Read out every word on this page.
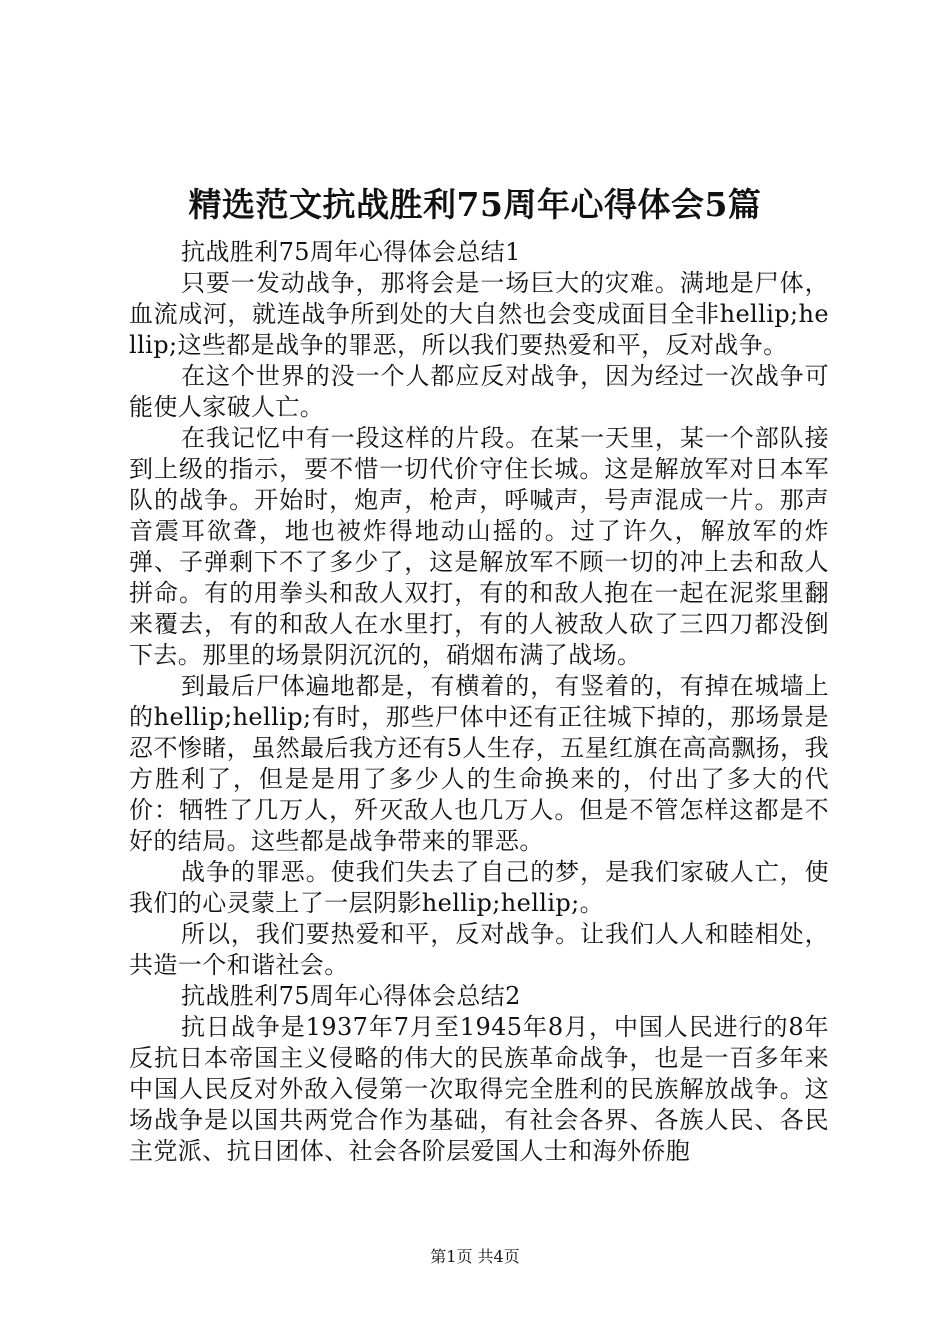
精选范文抗战胜利75周年心得体会5篇

抗战胜利75周年心得体会总结1

只要一发动战争，那将会是一场巨大的灾难。满地是尸体，血流成河，就连战争所到处的大自然也会变成面目全非hellip;hellip;这些都是战争的罪恶，所以我们要热爱和平，反对战争。

在这个世界的没一个人都应反对战争，因为经过一次战争可能使人家破人亡。

在我记忆中有一段这样的片段。在某一天里，某一个部队接到上级的指示，要不惜一切代价守住长城。这是解放军对日本军队的战争。开始时，炮声，枪声，呼喊声，号声混成一片。那声音震耳欲聋，地也被炸得地动山摇的。过了许久，解放军的炸弹、子弹剩下不了多少了，这是解放军不顾一切的冲上去和敌人拼命。有的用拳头和敌人双打，有的和敌人抱在一起在泥浆里翻来覆去，有的和敌人在水里打，有的人被敌人砍了三四刀都没倒下去。那里的场景阴沉沉的，硝烟布满了战场。

到最后尸体遍地都是，有横着的，有竖着的，有掉在城墙上的hellip;hellip;有时，那些尸体中还有正往城下掉的，那场景是忍不惨睹，虽然最后我方还有5人生存，五星红旗在高高飘扬，我方胜利了，但是是用了多少人的生命换来的，付出了多大的代价：牺牲了几万人，歼灭敌人也几万人。但是不管怎样这都是不好的结局。这些都是战争带来的罪恶。

战争的罪恶。使我们失去了自己的梦，是我们家破人亡，使我们的心灵蒙上了一层阴影hellip;hellip;。

所以，我们要热爱和平，反对战争。让我们人人和睦相处，共造一个和谐社会。

抗战胜利75周年心得体会总结2

抗日战争是1937年7月至1945年8月，中国人民进行的8年反抗日本帝国主义侵略的伟大的民族革命战争，也是一百多年来中国人民反对外敌入侵第一次取得完全胜利的民族解放战争。这场战争是以国共两党合作为基础，有社会各界、各族人民、各民主党派、抗日团体、社会各阶层爱国人士和海外侨胞

第1页 共4页
